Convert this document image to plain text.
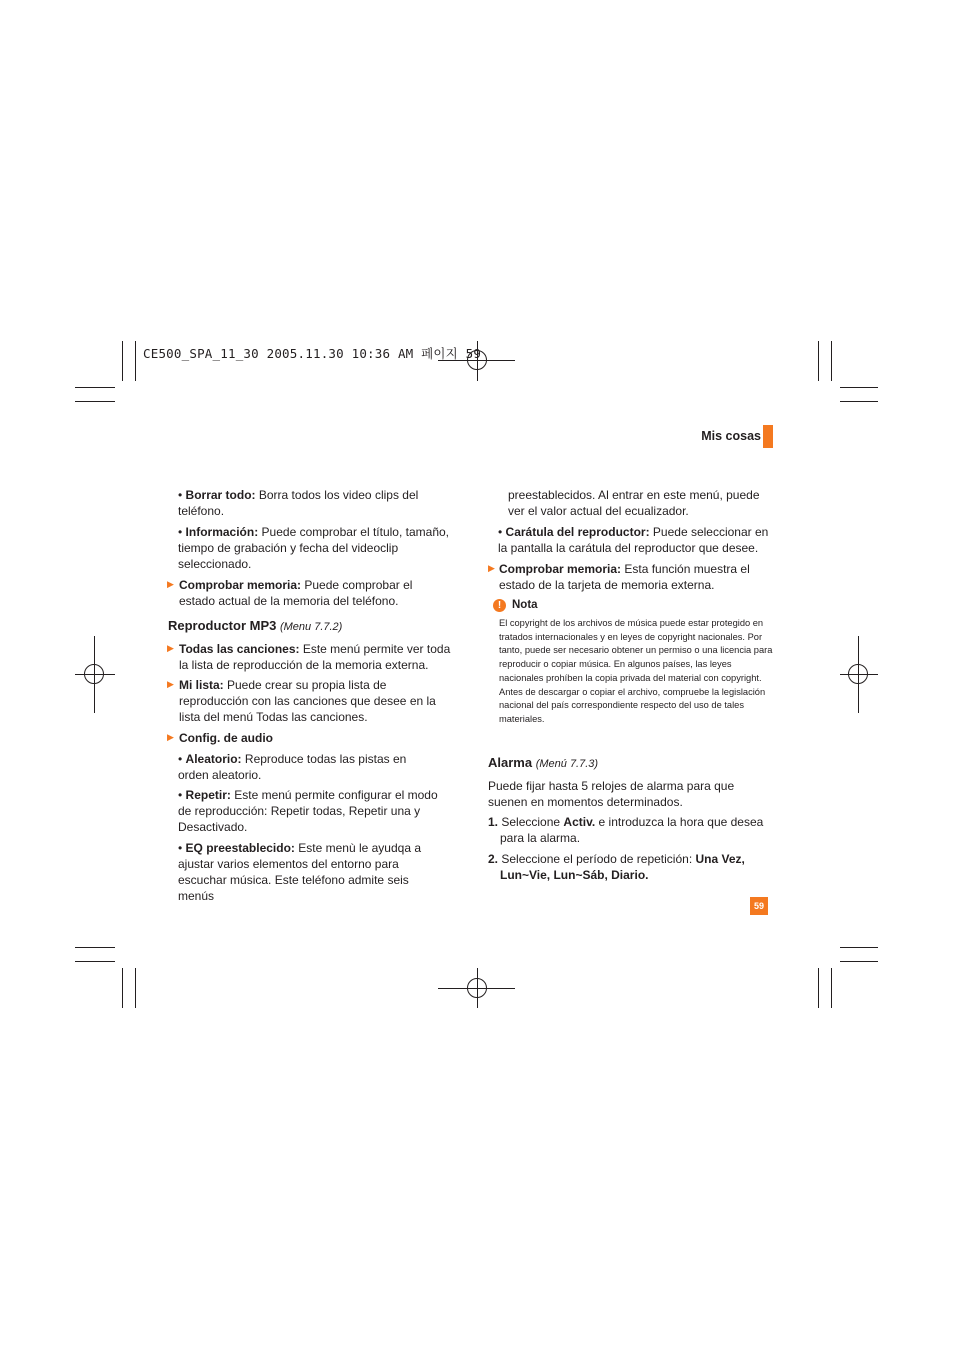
CE500_SPA_11_30 2005.11.30 10:36 AM 페이지 59
Mis cosas

• Borrar todo: Borra todos los video clips del teléfono.

• Información: Puede comprobar el título, tamaño, tiempo de grabación y fecha del videoclip seleccionado.

▶ Comprobar memoria: Puede comprobar el estado actual de la memoria del teléfono.

Reproductor MP3 (Menu 7.7.2)
▶ Todas las canciones: Este menú permite ver toda la lista de reproducción de la memoria externa.

▶ Mi lista: Puede crear su propia lista de reproducción con las canciones que desee en la lista del menú Todas las canciones.

▶ Config. de audio

• Aleatorio: Reproduce todas las pistas en orden aleatorio.

• Repetir: Este menú permite configurar el modo de reproducción: Repetir todas, Repetir una y Desactivado.

• EQ preestablecido: Este menù le ayudqa a ajustar varios elementos del entorno para escuchar música. Este teléfono admite seis menús

preestablecidos. Al entrar en este menú, puede ver el valor actual del ecualizador.

• Carátula del reproductor: Puede seleccionar en la pantalla la carátula del reproductor que desee.

▶ Comprobar memoria: Esta función muestra el estado de la tarjeta de memoria externa.

! Nota

El copyright de los archivos de música puede estar protegido en tratados internacionales y en leyes de copyright nacionales. Por tanto, puede ser necesario obtener un permiso o una licencia para reproducir o copiar música. En algunos países, las leyes nacionales prohíben la copia privada del material con copyright. Antes de descargar o copiar el archivo, compruebe la legislación nacional del país correspondiente respecto del uso de tales materiales.

Alarma (Menú 7.7.3)

Puede fijar hasta 5 relojes de alarma para que suenen en momentos determinados.

1. Seleccione Activ. e introduzca la hora que desea para la alarma.

2. Seleccione el período de repetición: Una Vez, Lun~Vie, Lun~Sáb, Diario.

59
